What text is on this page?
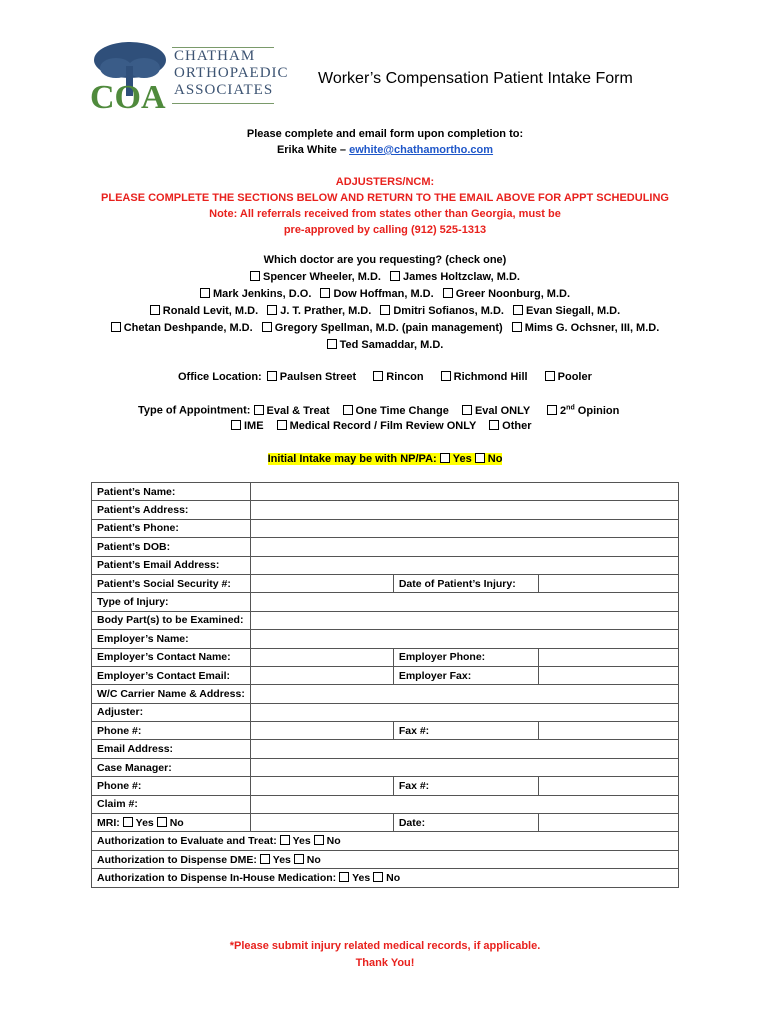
COA
CHATHAM
ORTHOPAEDIC
ASSOCIATES
Worker’s Compensation Patient Intake Form
Please complete and email form upon completion to:
Erika White – ewhite@chathamortho.com
ADJUSTERS/NCM:
PLEASE COMPLETE THE SECTIONS BELOW AND RETURN TO THE EMAIL ABOVE FOR APPT SCHEDULING
Note: All referrals received from states other than Georgia, must be
pre-approved by calling (912) 525-1313
Which doctor are you requesting? (check one)
Spencer Wheeler, M.D. James Holtzclaw, M.D.
Mark Jenkins, D.O. Dow Hoffman, M.D. Greer Noonburg, M.D.
Ronald Levit, M.D. J. T. Prather, M.D. Dmitri Sofianos, M.D. Evan Siegall, M.D.
Chetan Deshpande, M.D. Gregory Spellman, M.D. (pain management) Mims G. Ochsner, III, M.D.
Ted Samaddar, M.D.
Office Location: Paulsen Street	Rincon	Richmond Hill	Pooler
Type of Appointment: Eval & Treat One Time Change Eval ONLY	2nd Opinion
IME Medical Record / Film Review ONLY Other
Initial Intake may be with NP/PA: Yes No
Patient’s Name:			
Patient’s Address:			
Patient’s Phone:			
Patient’s DOB:			
Patient’s Email Address:			
Patient’s Social Security #:		Date of Patient’s Injury:	
Type of Injury:			
Body Part(s) to be Examined:			
Employer’s Name:			
Employer’s Contact Name:		Employer Phone:	
Employer’s Contact Email:		Employer Fax:	
W/C Carrier Name & Address:			
Adjuster:			
Phone #:		Fax #:	
Email Address:			
Case Manager:			
Phone #:		Fax #:	
Claim #:			
MRI: Yes No		Date:	
Authorization to Evaluate and Treat: Yes No			
Authorization to Dispense DME: Yes No			
Authorization to Dispense In-House Medication: Yes No			
*Please submit injury related medical records, if applicable.
Thank You!
